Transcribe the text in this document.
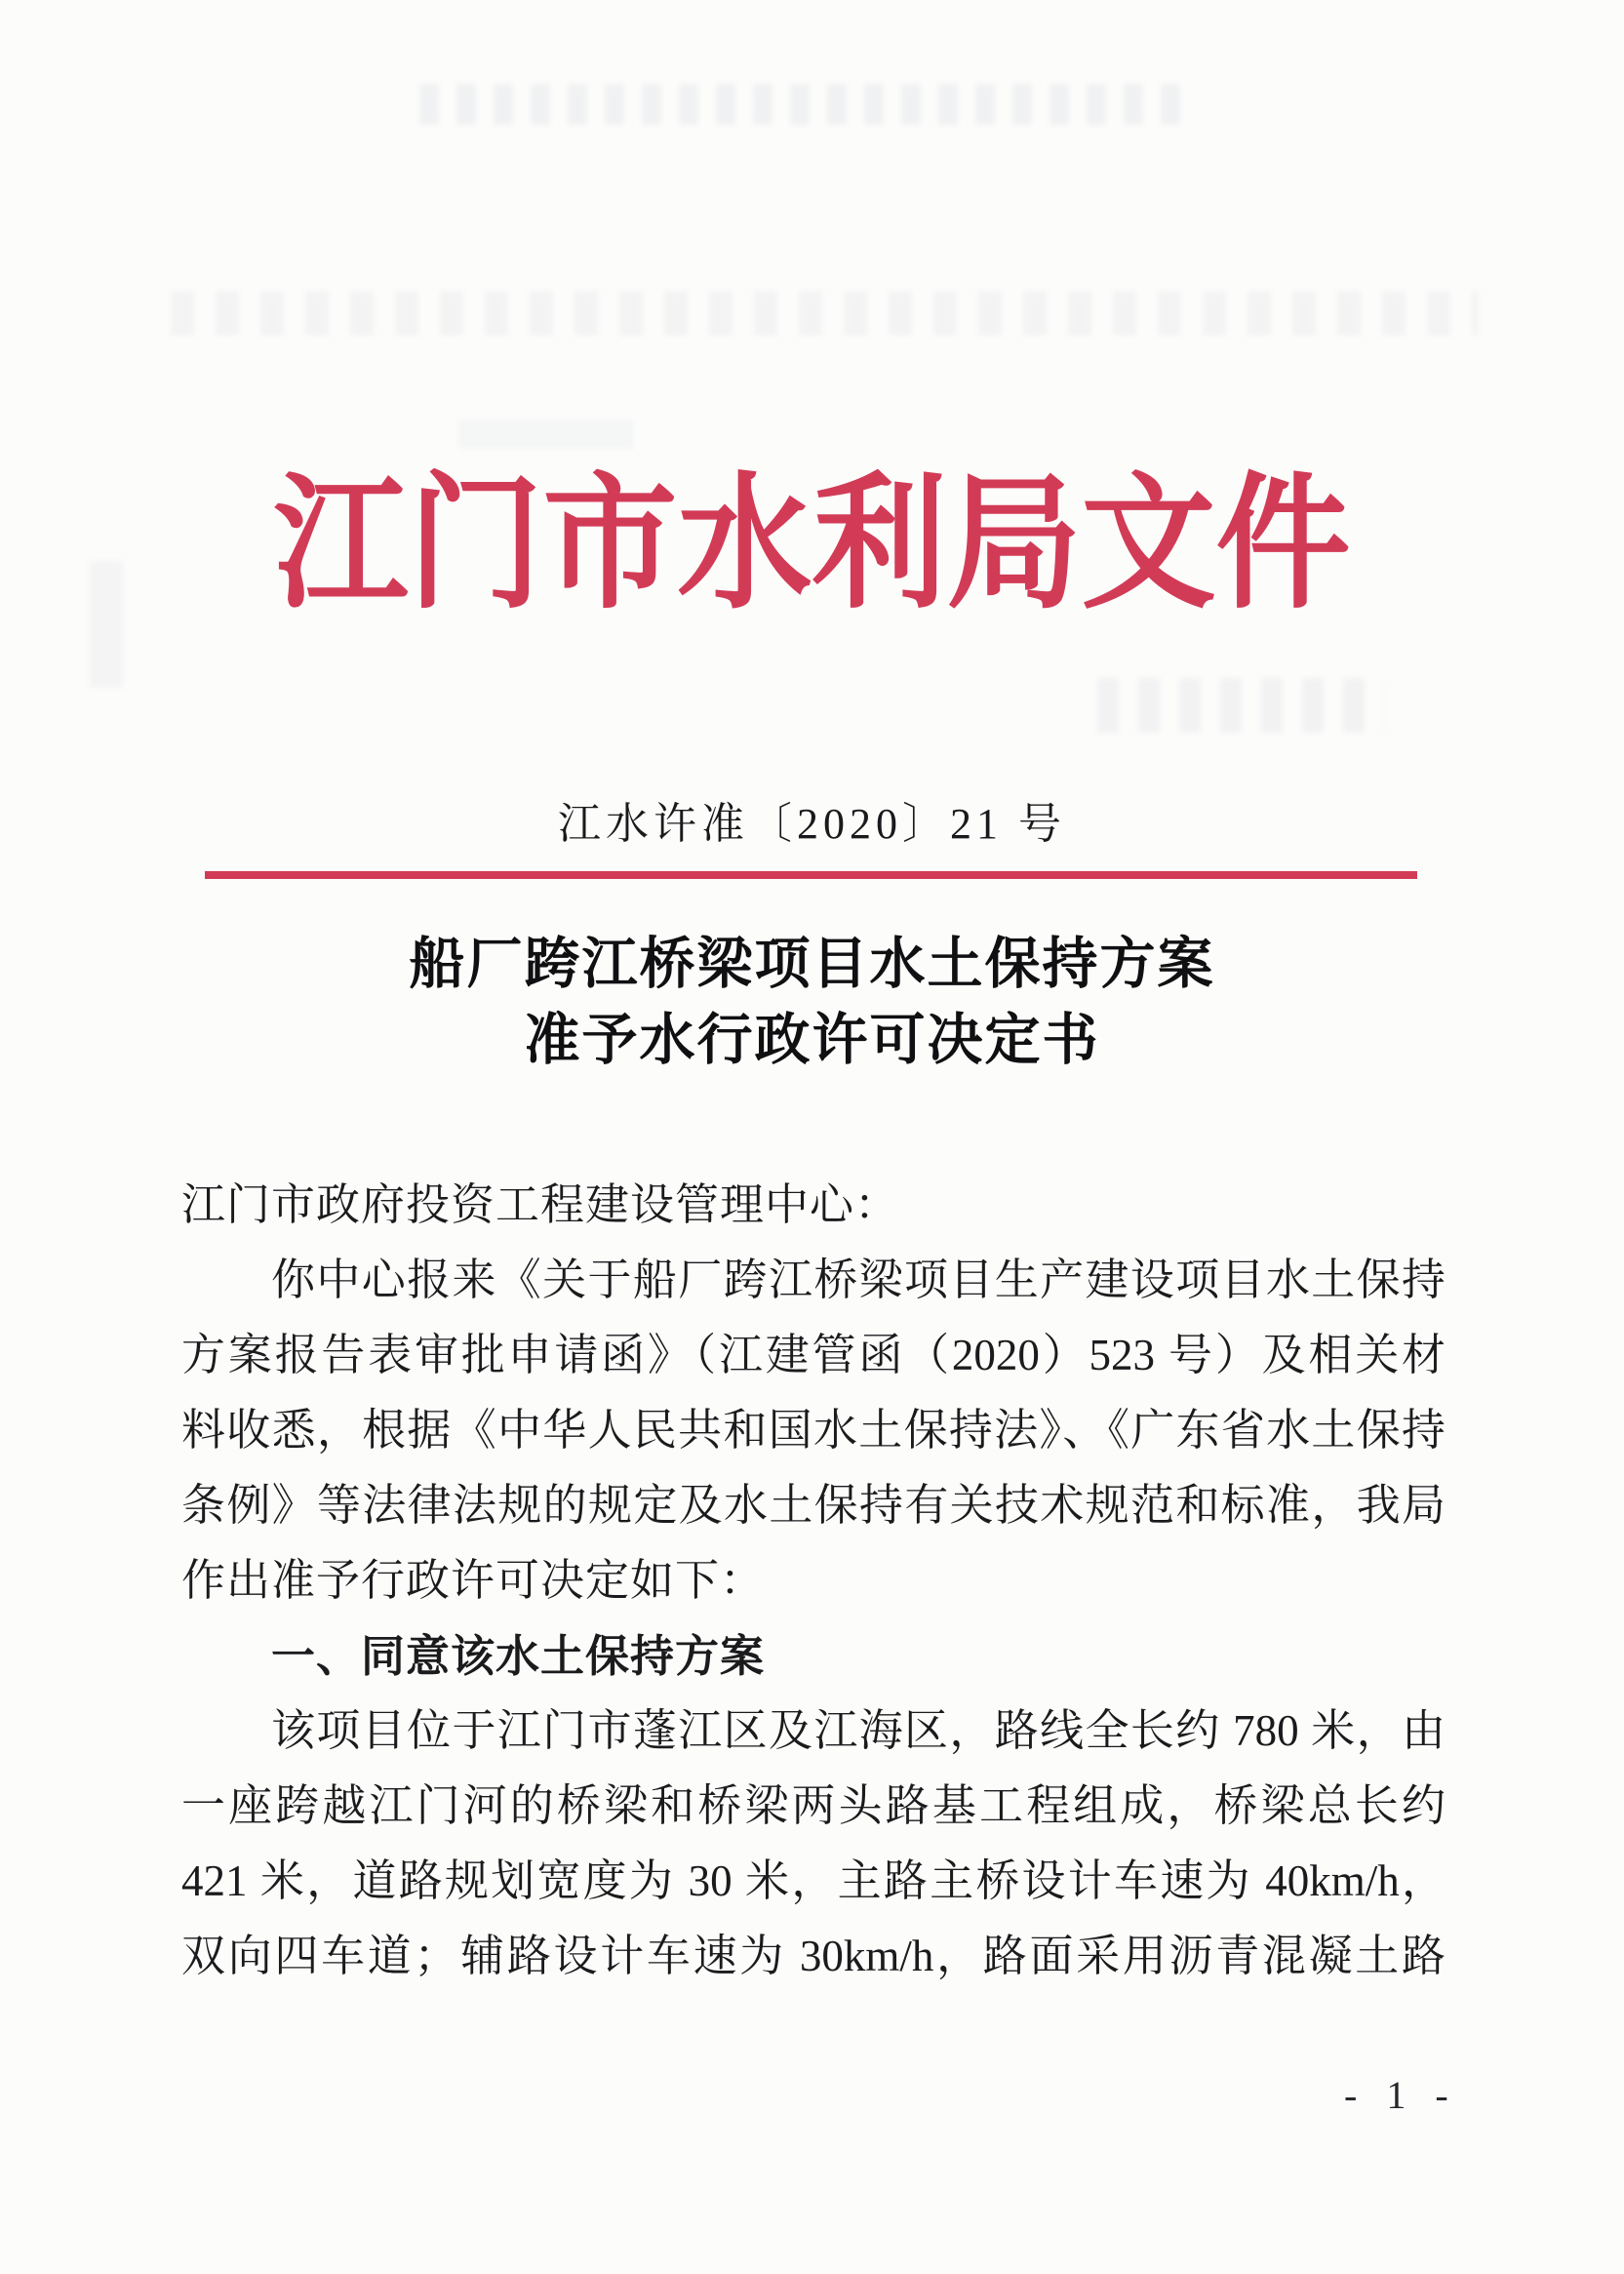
江门市水利局文件
江水许准〔2020〕21 号
船厂跨江桥梁项目水土保持方案
准予水行政许可决定书
江门市政府投资工程建设管理中心：
你中心报来《关于船厂跨江桥梁项目生产建设项目水土保持
方案报告表审批申请函》（江建管函（2020）523 号）及相关材
料收悉，根据《中华人民共和国水土保持法》、《广东省水土保持
条例》等法律法规的规定及水土保持有关技术规范和标准，我局
作出准予行政许可决定如下：
一、同意该水土保持方案
该项目位于江门市蓬江区及江海区，路线全长约 780 米，由
一座跨越江门河的桥梁和桥梁两头路基工程组成，桥梁总长约
421 米，道路规划宽度为 30 米，主路主桥设计车速为 40km/h，
双向四车道；辅路设计车速为 30km/h，路面采用沥青混凝土路
- 1 -
